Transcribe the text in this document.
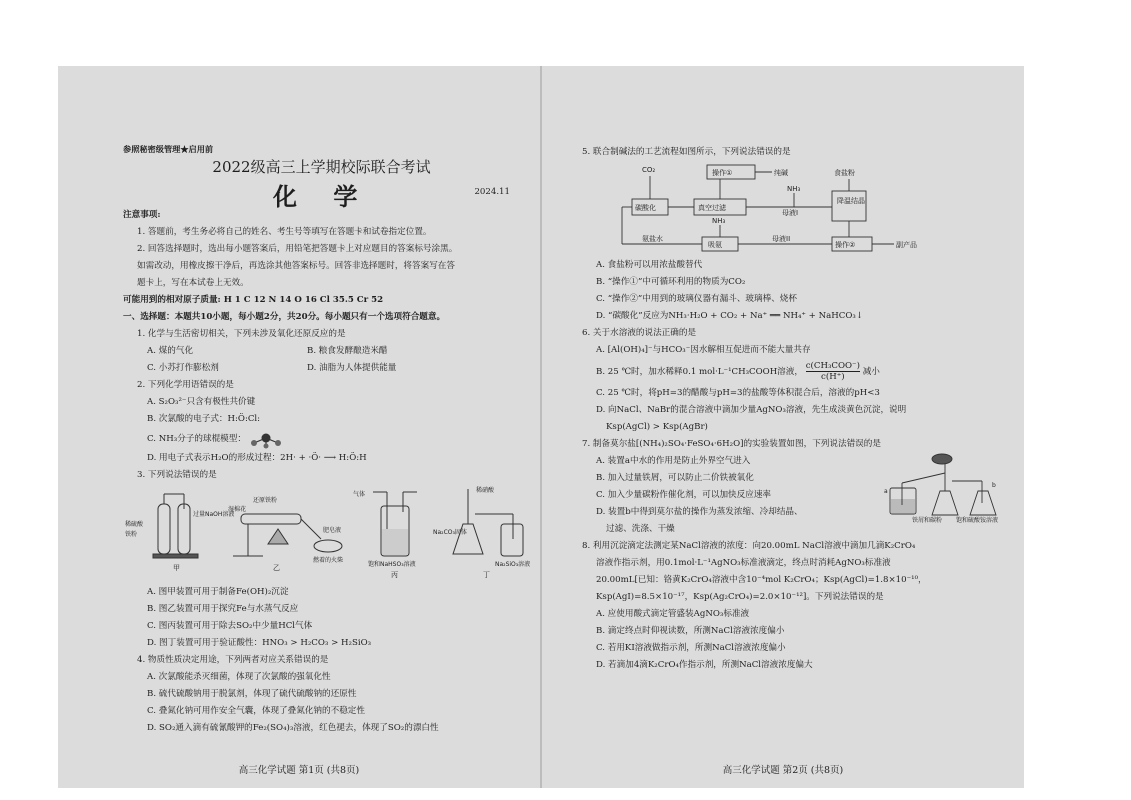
参照秘密级管理★启用前
2022级高三上学期校际联合考试
化 学	2024.11
注意事项:
1. 答题前，考生务必将自己的姓名、考生号等填写在答题卡和试卷指定位置。
2. 回答选择题时，选出每小题答案后，用铅笔把答题卡上对应题目的答案标号涂黑。
如需改动，用橡皮擦干净后，再选涂其他答案标号。回答非选择题时，将答案写在答
题卡上，写在本试卷上无效。
可能用到的相对原子质量: H 1 C 12 N 14 O 16 Cl 35.5 Cr 52
一、选择题：本题共10小题，每小题2分，共20分。每小题只有一个选项符合题意。
1. 化学与生活密切相关，下列未涉及氧化还原反应的是
A. 煤的气化	B. 粮食发酵酿造米醋
C. 小苏打作膨松剂	D. 油脂为人体提供能量
2. 下列化学用语错误的是
A. S₂O₃²⁻只含有极性共价键
B. 次氯酸的电子式：H:Ö:Cl:
C. NH₃分子的球棍模型：
D. 用电子式表示H₂O的形成过程：2H· + ·Ö· ⟶ H:Ö:H
3. 下列说法错误的是
稀硫酸
铁粉
过量NaOH溶液
甲
还原铁粉
湿棉花
肥皂液
燃着的火柴
乙
气体
饱和NaHSO₃溶液
丙
稀硝酸
Na₂CO₃固体
Na₂SiO₃溶液
丁
A. 图甲装置可用于制备Fe(OH)₂沉淀
B. 图乙装置可用于探究Fe与水蒸气反应
C. 图丙装置可用于除去SO₂中少量HCl气体
D. 图丁装置可用于验证酸性：HNO₃ > H₂CO₃ > H₂SiO₃
4. 物质性质决定用途，下列两者对应关系错误的是
A. 次氯酸能杀灭细菌，体现了次氯酸的强氧化性
B. 硫代硫酸钠用于脱氯剂，体现了硫代硫酸钠的还原性
C. 叠氮化钠可用作安全气囊，体现了叠氮化钠的不稳定性
D. SO₂通入滴有硫氰酸钾的Fe₂(SO₄)₃溶液，红色褪去，体现了SO₂的漂白性
高三化学试题 第1页 (共8页)
5. 联合制碱法的工艺流程如图所示，下列说法错误的是
CO₂	操作①	纯碱
NH₃
食盐粉
碳酸化	真空过滤
母液I
降温结晶
NH₃
氨盐水
吸氨
母液II
操作②	副产品
A. 食盐粉可以用浓盐酸替代
B. “操作①”中可循环利用的物质为CO₂
C. “操作②”中用到的玻璃仪器有漏斗、玻璃棒、烧杯
D. “碳酸化”反应为NH₃·H₂O + CO₂ + Na⁺ ══ NH₄⁺ + NaHCO₃↓
6. 关于水溶液的说法正确的是
A. [Al(OH)₄]⁻与HCO₃⁻因水解相互促进而不能大量共存
B. 25 ℃时，加水稀释0.1 mol·L⁻¹CH₃COOH溶液，
c(CH₃COO⁻)
c(H⁺)	减小
C. 25 ℃时，将pH=3的醋酸与pH=3的盐酸等体积混合后，溶液的pH<3
D. 向NaCl、NaBr的混合溶液中滴加少量AgNO₃溶液，先生成淡黄色沉淀，说明
Ksp(AgCl) > Ksp(AgBr)
7. 制备莫尔盐[(NH₄)₂SO₄·FeSO₄·6H₂O]的实验装置如图，下列说法错误的是
A. 装置a中水的作用是防止外界空气进入
B. 加入过量铁屑，可以防止二价铁被氧化
C. 加入少量碳粉作催化剂，可以加快反应速率
D. 装置b中得到莫尔盐的操作为蒸发浓缩、冷却结晶、
过滤、洗涤、干燥
a
b
铁屑和碳粉 饱和硫酸铵溶液
8. 利用沉淀滴定法测定某NaCl溶液的浓度：向20.00mL NaCl溶液中滴加几滴K₂CrO₄
溶液作指示剂，用0.1mol·L⁻¹AgNO₃标准液滴定，终点时消耗AgNO₃标准液
20.00mL[已知：铬黄K₂CrO₄溶液中含10⁻⁴mol K₂CrO₄；Ksp(AgCl)=1.8×10⁻¹⁰，
Ksp(AgI)=8.5×10⁻¹⁷，Ksp(Ag₂CrO₄)=2.0×10⁻¹²]。下列说法错误的是
A. 应使用酸式滴定管盛装AgNO₃标准液
B. 滴定终点时仰视读数，所测NaCl溶液浓度偏小
C. 若用KI溶液做指示剂，所测NaCl溶液浓度偏小
D. 若滴加4滴K₂CrO₄作指示剂，所测NaCl溶液浓度偏大
高三化学试题 第2页 (共8页)
